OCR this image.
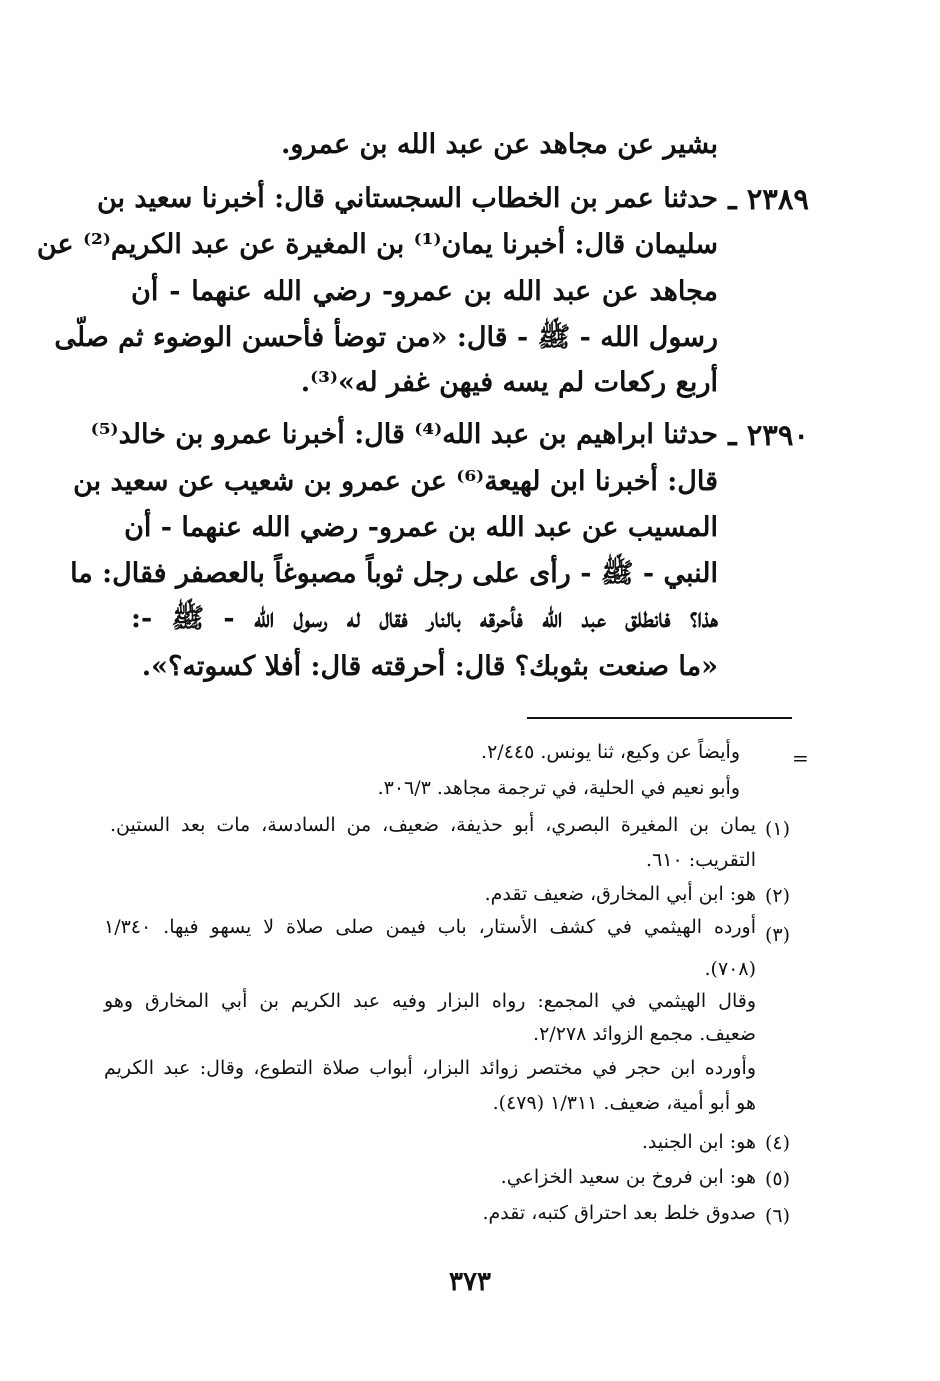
بشير عن مجاهد عن عبد الله بن عمرو.

٢٣٨٩ ـ

حدثنا عمر بن الخطاب السجستاني قال: أخبرنا سعيد بن

سليمان قال: أخبرنا يمان⁽¹⁾ بن المغيرة عن عبد الكريم⁽²⁾ عن

مجاهد عن عبد الله بن عمرو- رضي الله عنهما - أن

رسول الله - ﷺ - قال: «من توضأ فأحسن الوضوء ثم صلّى

أربع ركعات لم يسه فيهن غفر له»⁽³⁾.

٢٣٩٠ ـ

حدثنا ابراهيم بن عبد الله⁽⁴⁾ قال: أخبرنا عمرو بن خالد⁽⁵⁾

قال: أخبرنا ابن لهيعة⁽⁶⁾ عن عمرو بن شعيب عن سعيد بن

المسيب عن عبد الله بن عمرو- رضي الله عنهما - أن

النبي - ﷺ - رأى على رجل ثوباً مصبوغاً بالعصفر فقال: ما

هذا؟ فانطلق عبد الله فأحرقه بالنار فقال له رسول الله - ﷺ -:

«ما صنعت بثوبك؟ قال: أحرقته قال: أفلا كسوته؟».

=

وأيضاً عن وكيع، ثنا يونس. ٢/٤٤٥.

وأبو نعيم في الحلية، في ترجمة مجاهد. ٣٠٦/٣.

(١)

يمان بن المغيرة البصري، أبو حذيفة، ضعيف، من السادسة، مات بعد الستين.

التقريب: ٦١٠.

(٢)

هو: ابن أبي المخارق، ضعيف تقدم.

(٣)

أورده الهيثمي في كشف الأستار، باب فيمن صلى صلاة لا يسهو فيها. ١/٣٤٠

(٧٠٨).

وقال الهيثمي في المجمع: رواه البزار وفيه عبد الكريم بن أبي المخارق وهو

ضعيف. مجمع الزوائد ٢/٢٧٨.

وأورده ابن حجر في مختصر زوائد البزار، أبواب صلاة التطوع، وقال: عبد الكريم

هو أبو أمية، ضعيف. ١/٣١١ (٤٧٩).

(٤)

هو: ابن الجنيد.

(٥)

هو: ابن فروخ بن سعيد الخزاعي.

(٦)

صدوق خلط بعد احتراق كتبه، تقدم.

٣٧٣
